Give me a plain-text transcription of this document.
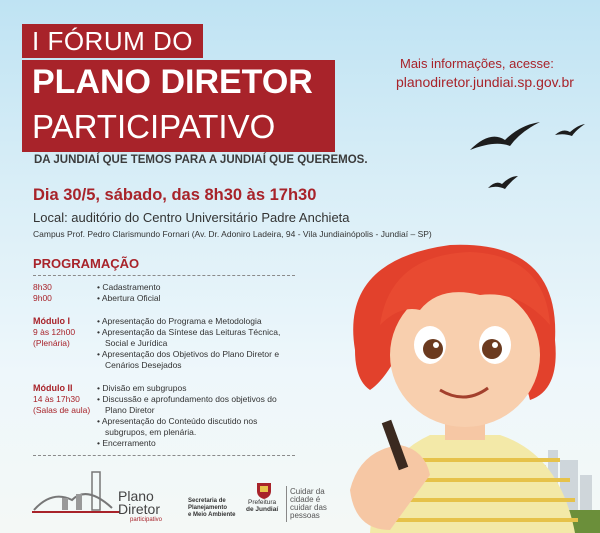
I FÓRUM DO
PLANO DIRETOR
PARTICIPATIVO
DA JUNDIAÍ QUE TEMOS PARA A JUNDIAÍ QUE QUEREMOS.
Mais informações, acesse:
planodiretor.jundiai.sp.gov.br
Dia 30/5, sábado, das 8h30 às 17h30
Local: auditório do Centro Universitário Padre Anchieta
Campus Prof. Pedro Clarismundo Fornari (Av. Dr. Adoniro Ladeira, 94 - Vila Jundiainópolis - Jundiaí – SP)
PROGRAMAÇÃO
8h30
9h00
• Cadastramento
• Abertura Oficial
Módulo I
9 às 12h00
(Plenária)
• Apresentação do Programa e Metodologia
• Apresentação da Síntese das Leituras Técnica, Social e Jurídica
• Apresentação dos Objetivos do Plano Diretor e Cenários Desejados
Módulo II
14 às 17h30
(Salas de aula)
• Divisão em subgrupos
• Discussão e aprofundamento dos objetivos do Plano Diretor
• Apresentação do Conteúdo discutido nos subgrupos, em plenária.
• Encerramento
Plano
Diretor
participativo
Secretaria de
Planejamento
e Meio Ambiente
Prefeitura
de Jundiaí
Cuidar da
cidade é
cuidar das
pessoas
